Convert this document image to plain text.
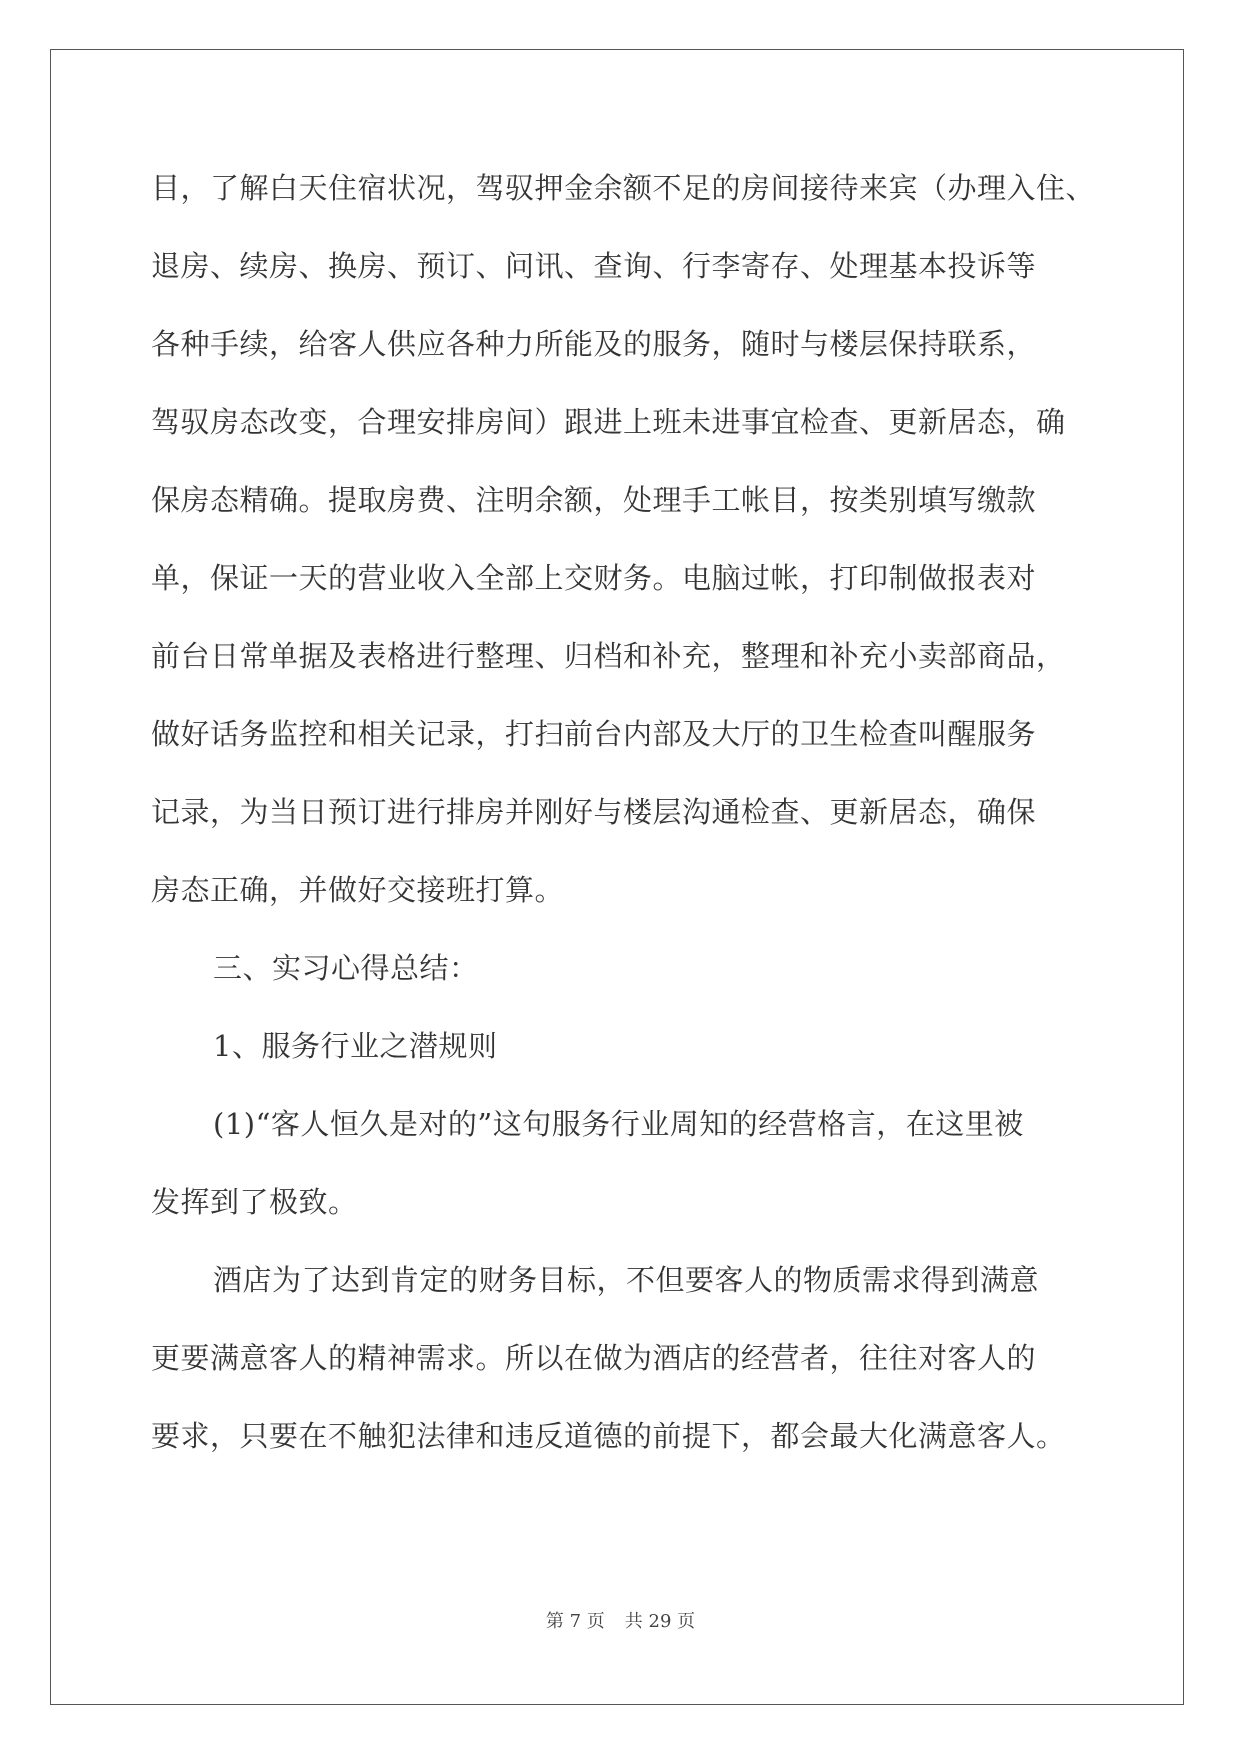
目，了解白天住宿状况，驾驭押金余额不足的房间接待来宾（办理入住、
退房、续房、换房、预订、问讯、查询、行李寄存、处理基本投诉等
各种手续，给客人供应各种力所能及的服务，随时与楼层保持联系，
驾驭房态改变，合理安排房间）跟进上班未进事宜检查、更新居态，确
保房态精确。提取房费、注明余额，处理手工帐目，按类别填写缴款
单，保证一天的营业收入全部上交财务。电脑过帐，打印制做报表对
前台日常单据及表格进行整理、归档和补充，整理和补充小卖部商品，
做好话务监控和相关记录，打扫前台内部及大厅的卫生检查叫醒服务
记录，为当日预订进行排房并刚好与楼层沟通检查、更新居态，确保
房态正确，并做好交接班打算。
三、实习心得总结：
1、服务行业之潜规则
(1)“客人恒久是对的”这句服务行业周知的经营格言，在这里被
发挥到了极致。
酒店为了达到肯定的财务目标，不但要客人的物质需求得到满意
更要满意客人的精神需求。所以在做为酒店的经营者，往往对客人的
要求，只要在不触犯法律和违反道德的前提下，都会最大化满意客人。
第 7 页 共 29 页
